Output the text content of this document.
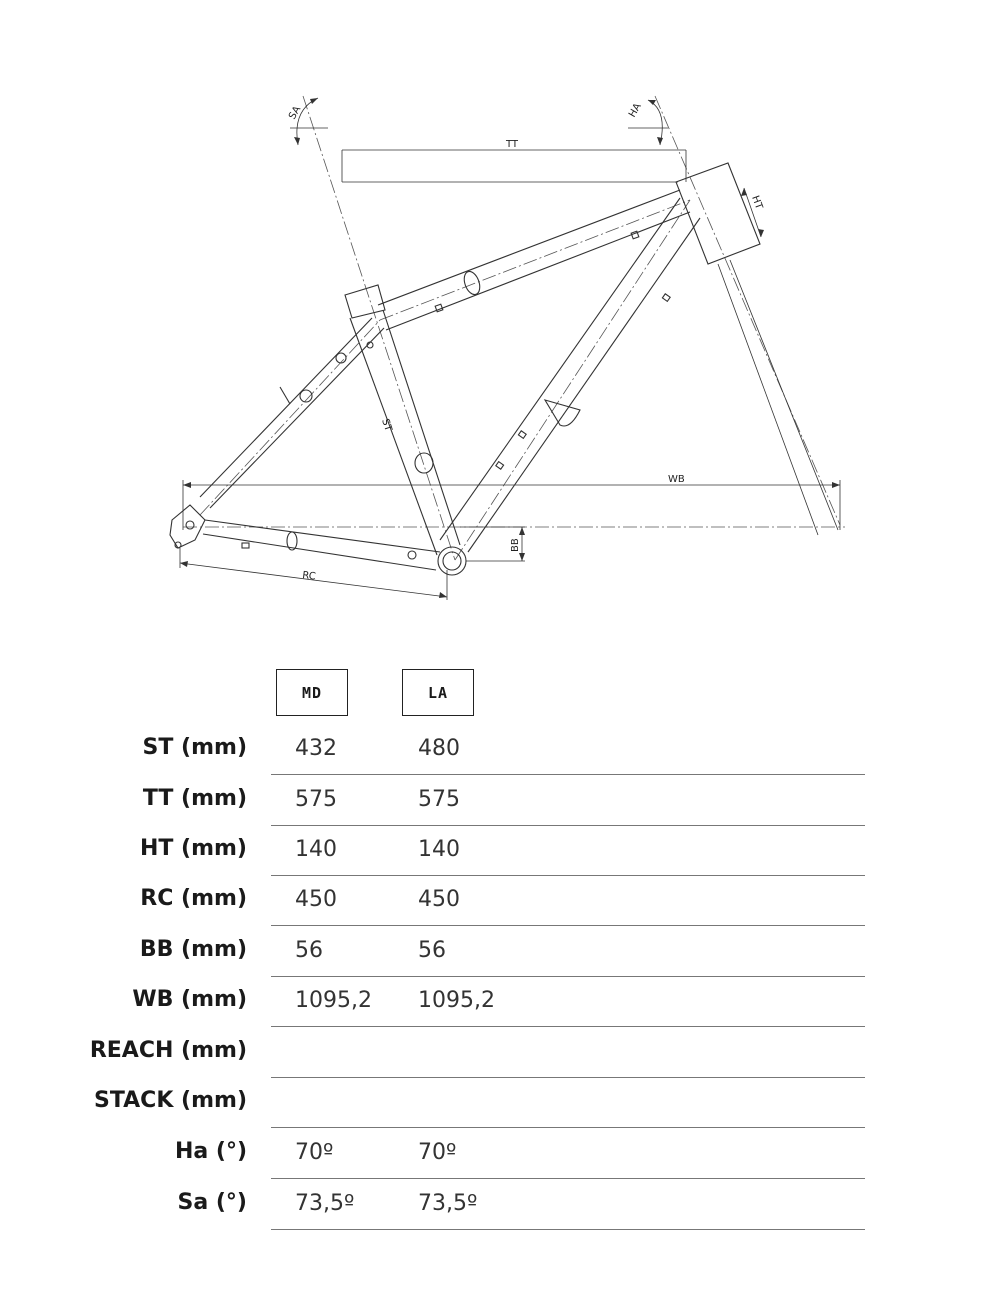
HT
ST
TT
SA	HA
WB
BB
RC
MD	LA
ST (mm) 432	480
TT (mm) 575	575
HT (mm) 140	140
RC (mm) 450	450
BB (mm) 56	56
WB (mm) 1095,2 1095,2
REACH (mm)
STACK (mm)
Ha (°) 70º	70º
Sa (°) 73,5º	73,5º
